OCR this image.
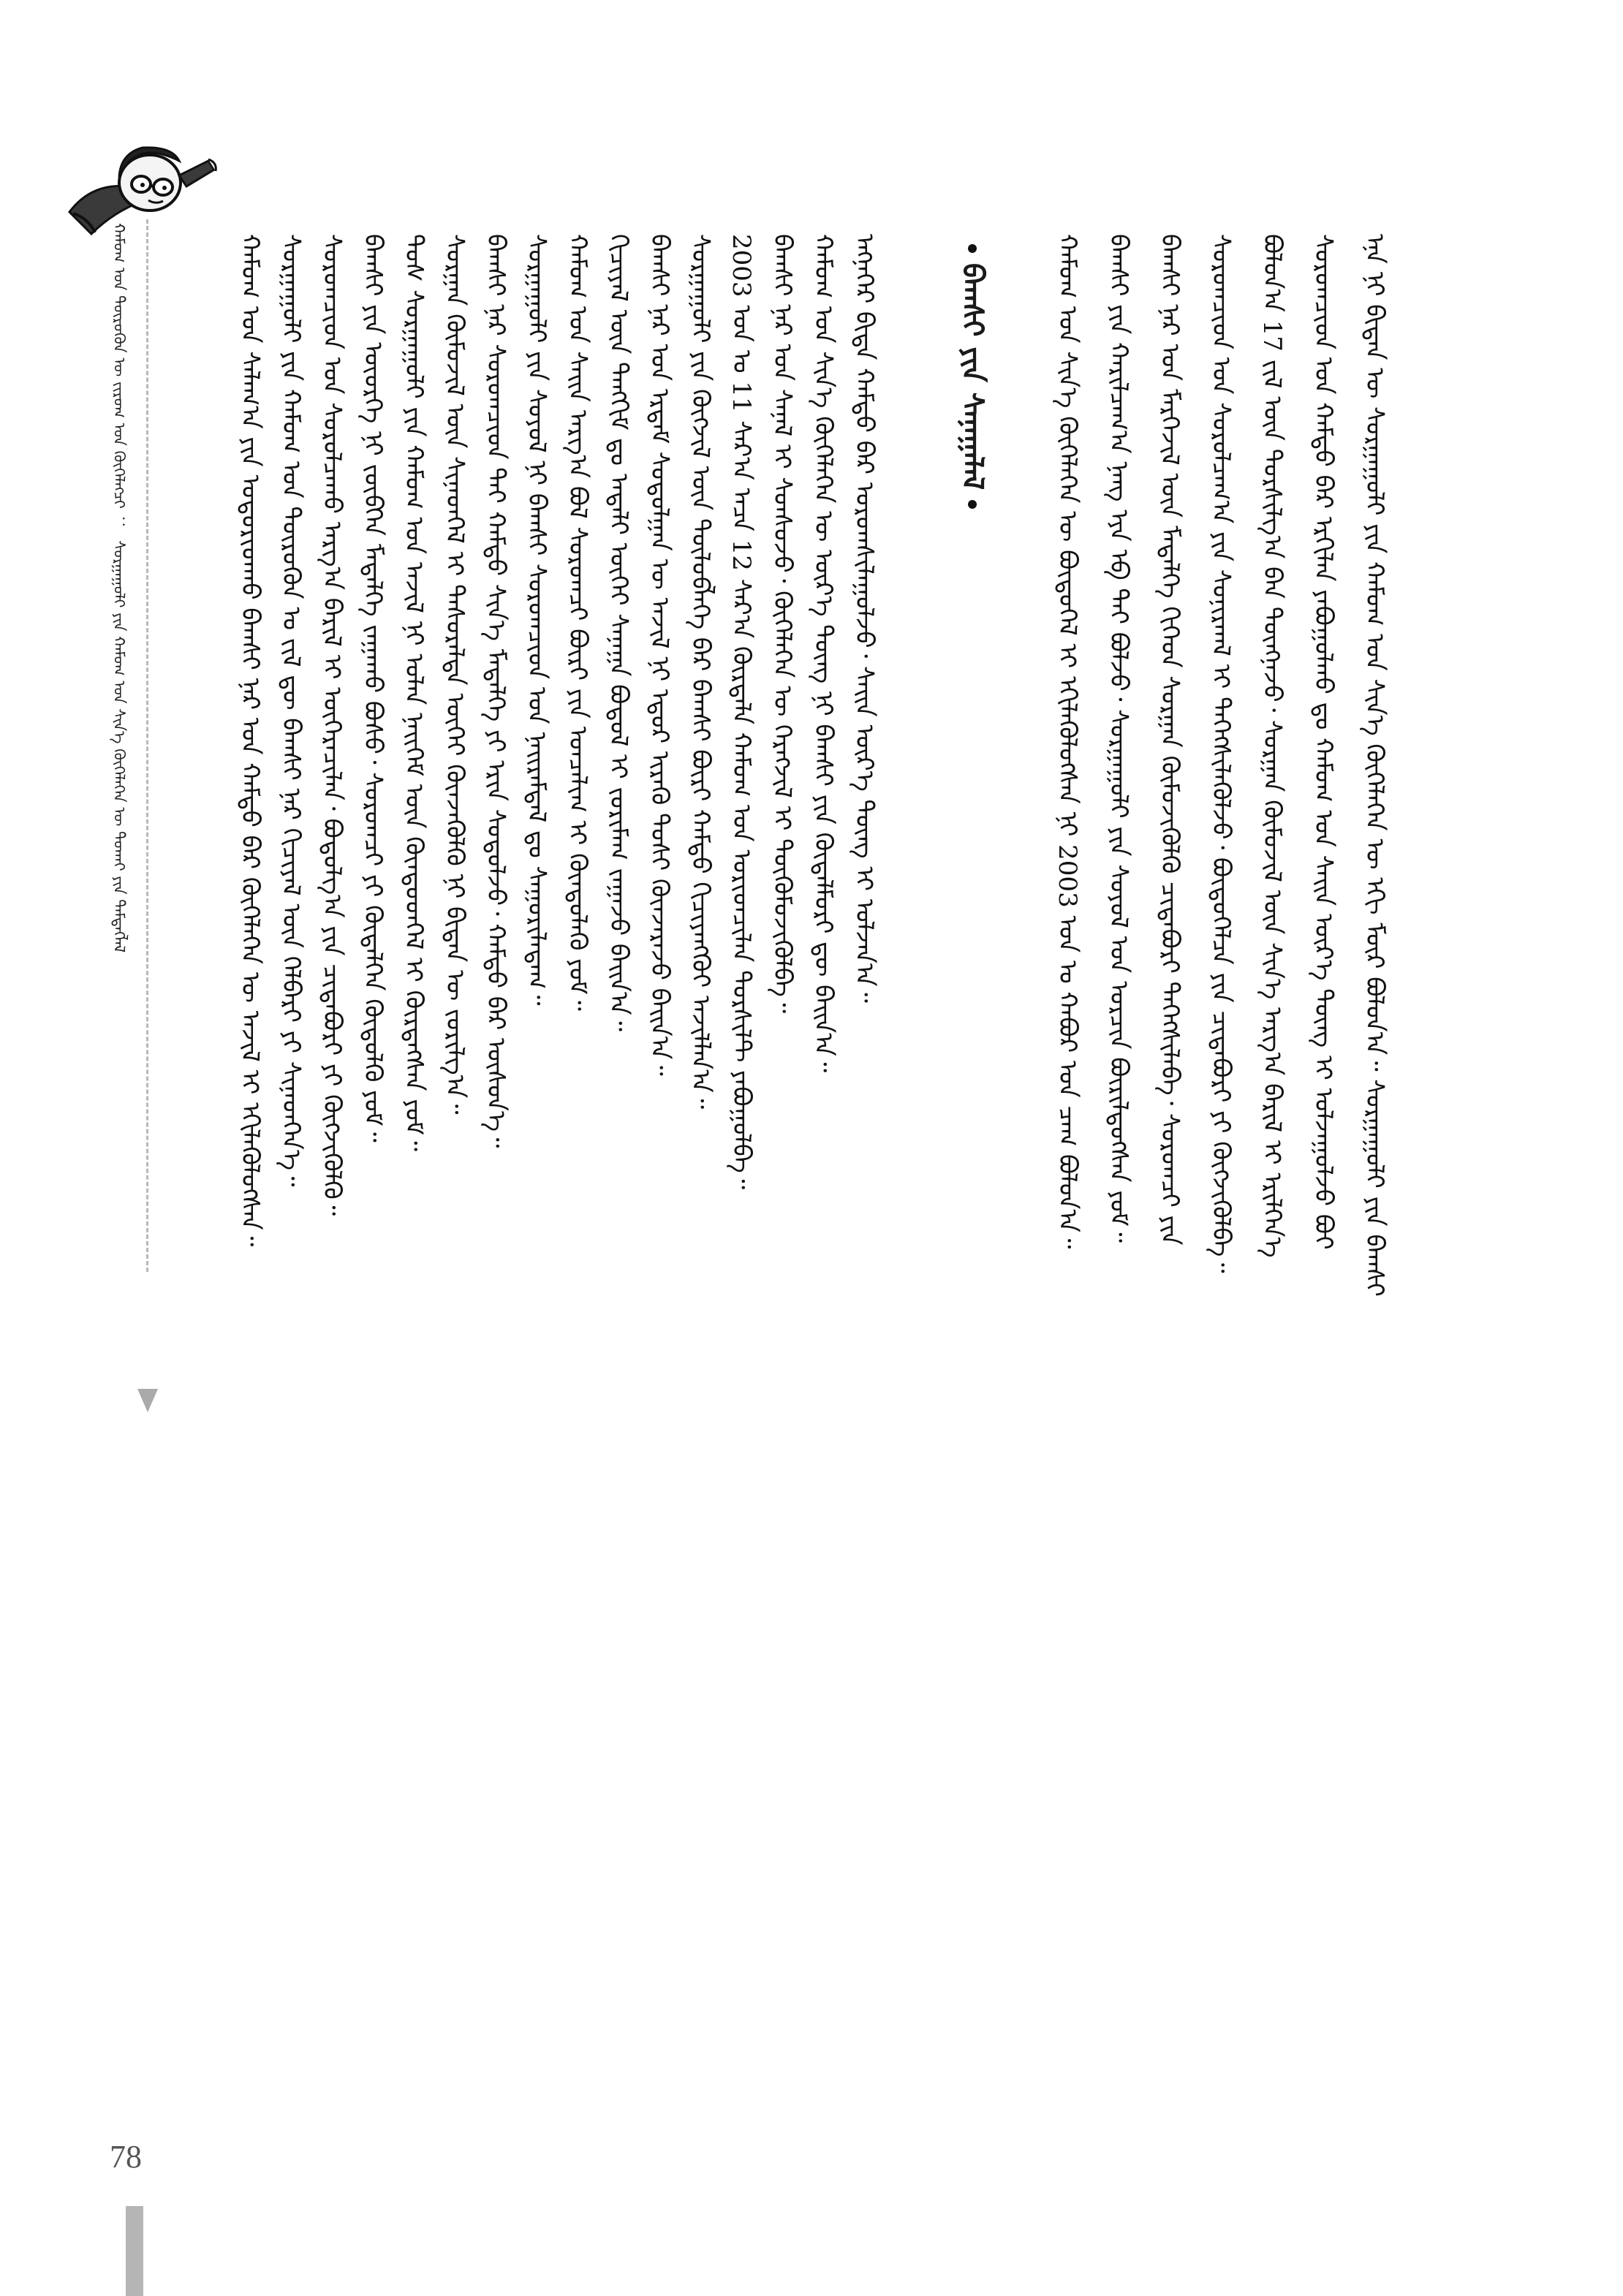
ᠬᠠᠮᠤᠭ ᠤᠨ ᠲᠦᠷᠦᠭᠦᠨ ᠦ ᠵᠢᠷᠤᠭ ᠤᠨ ᠬᠥᠭᠡᠯᠡᠭᠴᠢ ： ᠰᠤᠷᠭᠠᠭᠤᠯᠢ ᠶᠢᠨ ᠬᠠᠮᠤᠭ ᠤᠨ ᠰᠢᠨ᠎ᠡ ᠬᠥᠭᠡᠯᠡᠭᠡᠨ ᠦ ᠲᠤᠬᠠᠢ ᠶᠢᠨ ᠲᠡᠮᠳᠡᠭᠯᠡᠯ	ᠬᠠᠮᠤᠭ ᠤᠨ ᠰᠠᠯᠠᠭ᠎ᠠ ᠶᠢᠨ ᠤᠳᠤᠷᠢᠳᠬᠤ ᠪᠠᠭᠰᠢ ᠨᠠᠷ ᠤᠨ ᠬᠠᠮᠲᠤ ᠪᠡᠷ ᠬᠥᠭᠡᠯᠡᠭᠡᠨ ᠦ ᠠᠵᠢᠯ ᠢ ᠡᠬᠢᠯᠡᠭᠦᠯᠦᠭᠰᠡᠨ᠃ ᠰᠤᠷᠭᠠᠭᠤᠯᠢ ᠶᠢᠨ ᠬᠠᠮᠤᠭ ᠤᠨ ᠲᠦᠷᠦᠭᠦᠨ ᠤ ᠵᠢᠯ ᠳᠦ ᠪᠠᠭᠰᠢ ᠨᠠᠷ ᠬᠢᠴᠢᠶᠡᠯ ᠦᠨ ᠬᠡᠯᠪᠡᠷᠢ ᠶᠢ ᠰᠢᠨᠡᠳᠭᠡᠨ᠎ᠡ᠃ ᠰᠤᠷᠤᠭᠴᠢᠳ ᠤᠨ ᠰᠤᠷᠤᠯᠴᠠᠬᠤ ᠠᠷᠭ᠎ᠠ ᠪᠠᠷᠢᠯ ᠢ ᠥᠭᠡᠷᠡᠴᠢᠯᠡᠨ᠂ ᠪᠤᠳᠤᠯᠭ᠎ᠠ ᠶᠢᠨ ᠴᠢᠳᠠᠪᠤᠷᠢ ᠶᠢ ᠬᠥᠭᠵᠢᠭᠦᠯᠬᠦ᠃ ᠪᠠᠭᠰᠢ ᠶᠢᠨ ᠦᠦᠷᠭᠡ ᠨᠢ ᠵᠥᠪᠬᠡᠨ ᠮᠡᠳᠡᠯᠭᠡ ᠵᠠᠭᠠᠬᠤ ᠪᠤᠰᠤ᠂ ᠰᠤᠷᠤᠭᠴᠢ ᠶᠢ ᠬᠥᠳᠡᠯᠭᠡᠨ ᠬᠥᠲᠦᠯᠬᠦ ᠶᠤᠮ᠃ ᠲᠤᠰ ᠰᠤᠷᠭᠠᠭᠤᠯᠢ ᠶᠢᠨ ᠬᠠᠮᠤᠭ ᠤᠨ ᠠᠵᠢᠯ ᠨᠢ ᠣᠯᠠᠨ ᠨᠡᠢᠭᠡᠮ ᠦᠨ ᠬᠦᠨᠳᠦᠳᠬᠡᠯ ᠢ ᠬᠦᠷᠲᠡᠭᠰᠡᠨ ᠶᠤᠮ᠃ ᠰᠤᠷᠭᠠᠨ ᠬᠦᠮᠦᠵᠢᠯ ᠦᠨ ᠰᠢᠨᠡᠳᠭᠡᠯ ᠢ ᠲᠠᠰᠤᠷᠠᠯᠲᠠ ᠦᠭᠡᠢ ᠭᠦᠨᠵᠡᠭᠦᠯᠬᠦ ᠨᠢ ᠪᠢᠳᠡᠨ ᠦ ᠵᠣᠷᠢᠯᠭ᠎ᠠ᠃ ᠪᠠᠭᠰᠢ ᠨᠠᠷ ᠰᠤᠷᠤᠭᠴᠢᠳ ᠲᠠᠢ ᠬᠠᠮᠲᠤ ᠰᠢᠨ᠎ᠡ ᠮᠡᠳᠡᠯᠭᠡ ᠶᠢ ᠡᠷᠢᠨ ᠰᠤᠳᠤᠯᠵᠤ᠂ ᠬᠠᠮᠲᠤ ᠪᠡᠷ ᠥᠰᠦᠨ᠎ᠡ᠃ ᠰᠤᠷᠭᠠᠭᠤᠯᠢ ᠶᠢᠨ ᠰᠣᠶᠤᠯ ᠨᠢ ᠪᠠᠭᠰᠢ ᠰᠤᠷᠤᠭᠴᠢᠳ ᠤᠨ ᠨᠠᠢᠷᠠᠮᠳᠠᠯ ᠳᠤ ᠰᠠᠭᠤᠷᠢᠯᠠᠳᠠᠭ᠃ ᠬᠠᠮᠤᠭ ᠤᠨ ᠰᠠᠢᠨ ᠠᠷᠭ᠎ᠠ ᠪᠣᠯ ᠰᠤᠷᠤᠭᠴᠢ ᠪᠦᠷᠢ ᠶᠢᠨ ᠣᠨᠴᠠᠯᠢᠭ ᠢ ᠬᠦᠨᠳᠦᠯᠡᠬᠦ ᠶᠤᠮ᠃ ᠬᠢᠴᠢᠶᠡᠯ ᠦᠨ ᠲᠠᠩᠬᠢᠮ ᠳᠤ ᠠᠳᠠᠯᠢ ᠦᠭᠡᠢ ᠰᠠᠨᠠᠭᠠ ᠪᠣᠳᠤᠯ ᠢ ᠵᠣᠷᠢᠮᠠᠭ ᠵᠠᠭᠠᠵᠤ ᠪᠠᠢᠨ᠎ᠠ᠃ ᠪᠠᠭᠰᠢ ᠨᠠᠷ ᠤᠨ ᠡᠷᠳᠡᠮ ᠰᠤᠳᠤᠯᠭᠠᠨ ᠦ ᠠᠵᠢᠯ ᠨᠢ ᠡᠳᠦᠷ ᠢᠷᠡᠬᠦ ᠲᠤᠰᠢ ᠭᠦᠨᠵᠡᠷᠡᠵᠦ ᠪᠠᠢᠨ᠎ᠠ᠃ ᠰᠤᠷᠭᠠᠭᠤᠯᠢ ᠶᠢᠨ ᠬᠥᠭᠵᠢᠯ ᠦᠨ ᠲᠥᠯᠦᠪᠯᠡᠭᠡ ᠪᠠᠷ ᠪᠠᠭᠰᠢ ᠪᠦᠷᠢ ᠬᠠᠮᠲᠤ ᠬᠢᠴᠢᠶᠡᠩᠭᠦᠢ ᠠᠵᠢᠯᠯᠠᠨ᠎ᠠ᠃ 2003 ᠣᠨ ᠤ 11 ᠰᠠᠷ᠎ᠠ ᠠᠴᠠ 12 ᠰᠠᠷ᠎ᠠ ᠬᠦᠷᠲᠡᠯᠡ ᠬᠠᠮᠤᠭ ᠤᠨ ᠤᠷᠢᠳᠴᠢᠯᠠᠨ ᠲᠤᠷᠰᠢᠯᠲ ᠶᠠᠪᠤᠭᠤᠯᠪᠠ᠃ ᠪᠠᠭᠰᠢ ᠨᠠᠷ ᠤᠨ ᠰᠠᠨᠠᠯ ᠢ ᠰᠣᠨᠰᠤᠵᠤ᠂ ᠬᠥᠭᠡᠯᠡᠭᠡᠨ ᠦ ᠬᠡᠷᠡᠭᠵᠢᠯ ᠢ ᠳᠦᠭᠦᠮᠦᠵᠢᠭᠦᠯᠪᠡ᠃ ᠬᠠᠮᠤᠭ ᠤᠨ ᠰᠢᠨ᠎ᠡ ᠬᠥᠭᠡᠯᠡᠭᠡᠨ ᠦ ᠦᠷ᠎ᠡ ᠳᠦᠩ ᠨᠢ ᠪᠠᠭᠰᠢ ᠶᠢᠨ ᠬᠥᠳᠡᠯᠮᠦᠷᠢ ᠳᠦ ᠪᠠᠢᠨ᠎ᠠ᠃ ᠡᠩᠨᠡᠭᠡᠷ ᠪᠢᠳᠡ ᠬᠠᠮᠲᠤ ᠪᠡᠷ ᠤᠷᠤᠭᠰᠢᠯᠠᠭᠤᠯᠵᠤ᠂ ᠰᠠᠢᠨ ᠦᠷ᠎ᠡ ᠳᠦᠩ ᠢ ᠣᠯᠵᠠᠨ᠎ᠠ᠃	ᠪᠠᠭᠰᠢ ᠶᠢᠨ ᠰᠠᠨᠠᠭᠠᠯᠠᠯ	ᠬᠠᠮᠤᠭ ᠤᠨ ᠰᠢᠨ᠎ᠡ ᠬᠥᠭᠡᠯᠡᠭᠡᠨ ᠦ ᠪᠦᠲᠦᠭᠡᠯ ᠢ ᠡᠬᠢᠯᠡᠭᠦᠯᠦᠭᠰᠡᠨ ᠨᠢ 2003 ᠣᠨ ᠤ ᠬᠠᠪᠤᠷ ᠤᠨ ᠴᠠᠭ ᠪᠣᠯᠤᠨ᠎ᠠ᠃ ᠪᠠᠭᠰᠢ ᠶᠢᠨ ᠬᠠᠷᠢᠯᠴᠠᠭ᠎ᠠ ᠨᠡᠩ ᠡᠶᠡ ᠡᠪ ᠲᠡᠢ ᠪᠣᠯᠵᠤ᠂ ᠰᠤᠷᠭᠠᠭᠤᠯᠢ ᠶᠢᠨ ᠰᠣᠶᠤᠯ ᠤᠨ ᠤᠷᠴᠢᠨ ᠪᠦᠷᠢᠯᠳᠦᠭᠰᠡᠨ ᠶᠤᠮ᠃ ᠪᠠᠭᠰᠢ ᠨᠠᠷ ᠤᠨ ᠮᠡᠷᠭᠡᠵᠢᠯ ᠦᠨ ᠮᠡᠳᠡᠯᠭᠡ ᠬᠢᠬᠡᠳ ᠰᠤᠷᠭᠠᠨ ᠬᠦᠮᠦᠵᠢᠭᠦᠯᠬᠦ ᠴᠢᠳᠠᠪᠤᠷᠢ ᠳᠡᠭᠡᠭᠰᠢᠯᠡᠪᠡ᠂ ᠰᠤᠷᠤᠭᠴᠢ ᠶᠢᠨ ᠰᠤᠷᠤᠭᠴᠢᠳ ᠤᠨ ᠰᠤᠷᠤᠯᠴᠠᠭ᠎ᠠ ᠶᠢᠨ ᠰᠣᠨᠢᠷᠬᠠᠯ ᠢ ᠳᠡᠭᠡᠭᠰᠢᠯᠡᠭᠦᠯᠵᠦ᠂ ᠪᠦᠲᠦᠭᠡᠯᠴᠡ ᠶᠢᠨ ᠴᠢᠳᠠᠪᠤᠷᠢ ᠶᠢ ᠬᠥᠭᠵᠢᠭᠦᠯᠪᠡ᠃ ᠪᠣᠯᠤᠨ᠎ᠠ 17 ᠵᠢᠯ ᠦᠨ ᠲᠤᠷᠰᠢᠯᠭ᠎ᠠ ᠪᠠᠨ ᠳᠦᠩᠨᠡᠵᠦ᠂ ᠰᠤᠷᠭᠠᠨ ᠬᠦᠮᠦᠵᠢᠯ ᠦᠨ ᠰᠢᠨ᠎ᠡ ᠠᠷᠭ᠎ᠠ ᠪᠠᠷᠢᠯ ᠢ ᠡᠷᠢᠯᠬᠡᠨ᠎ᠡ ᠰᠤᠷᠤᠭᠴᠢᠳ ᠤᠨ ᠬᠠᠮᠲᠤ ᠪᠡᠷ ᠡᠷᠬᠢᠯᠡᠨ ᠶᠠᠪᠤᠭᠤᠯᠬᠤ ᠳᠤ ᠬᠠᠮᠤᠭ ᠤᠨ ᠰᠠᠢᠨ ᠦᠷ᠎ᠡ ᠳᠦᠩ ᠢ ᠣᠯᠵᠠᠭᠤᠯᠵᠤ ᠪᠣᠢ ᠡᠨᠡ ᠨᠢ ᠪᠢᠳᠡᠨ ᠦ ᠰᠤᠷᠭᠠᠭᠤᠯᠢ ᠶᠢᠨ ᠬᠠᠮᠤᠭ ᠤᠨ ᠰᠢᠨ᠎ᠡ ᠬᠥᠭᠡᠯᠡᠭᠡᠨ ᠦ ᠡᠬᠢ ᠮᠥᠷ ᠪᠣᠯᠤᠨ᠎ᠠ᠃ ᠰᠤᠷᠭᠠᠭᠤᠯᠢ ᠶᠢᠨ ᠪᠠᠭᠰᠢ
78
